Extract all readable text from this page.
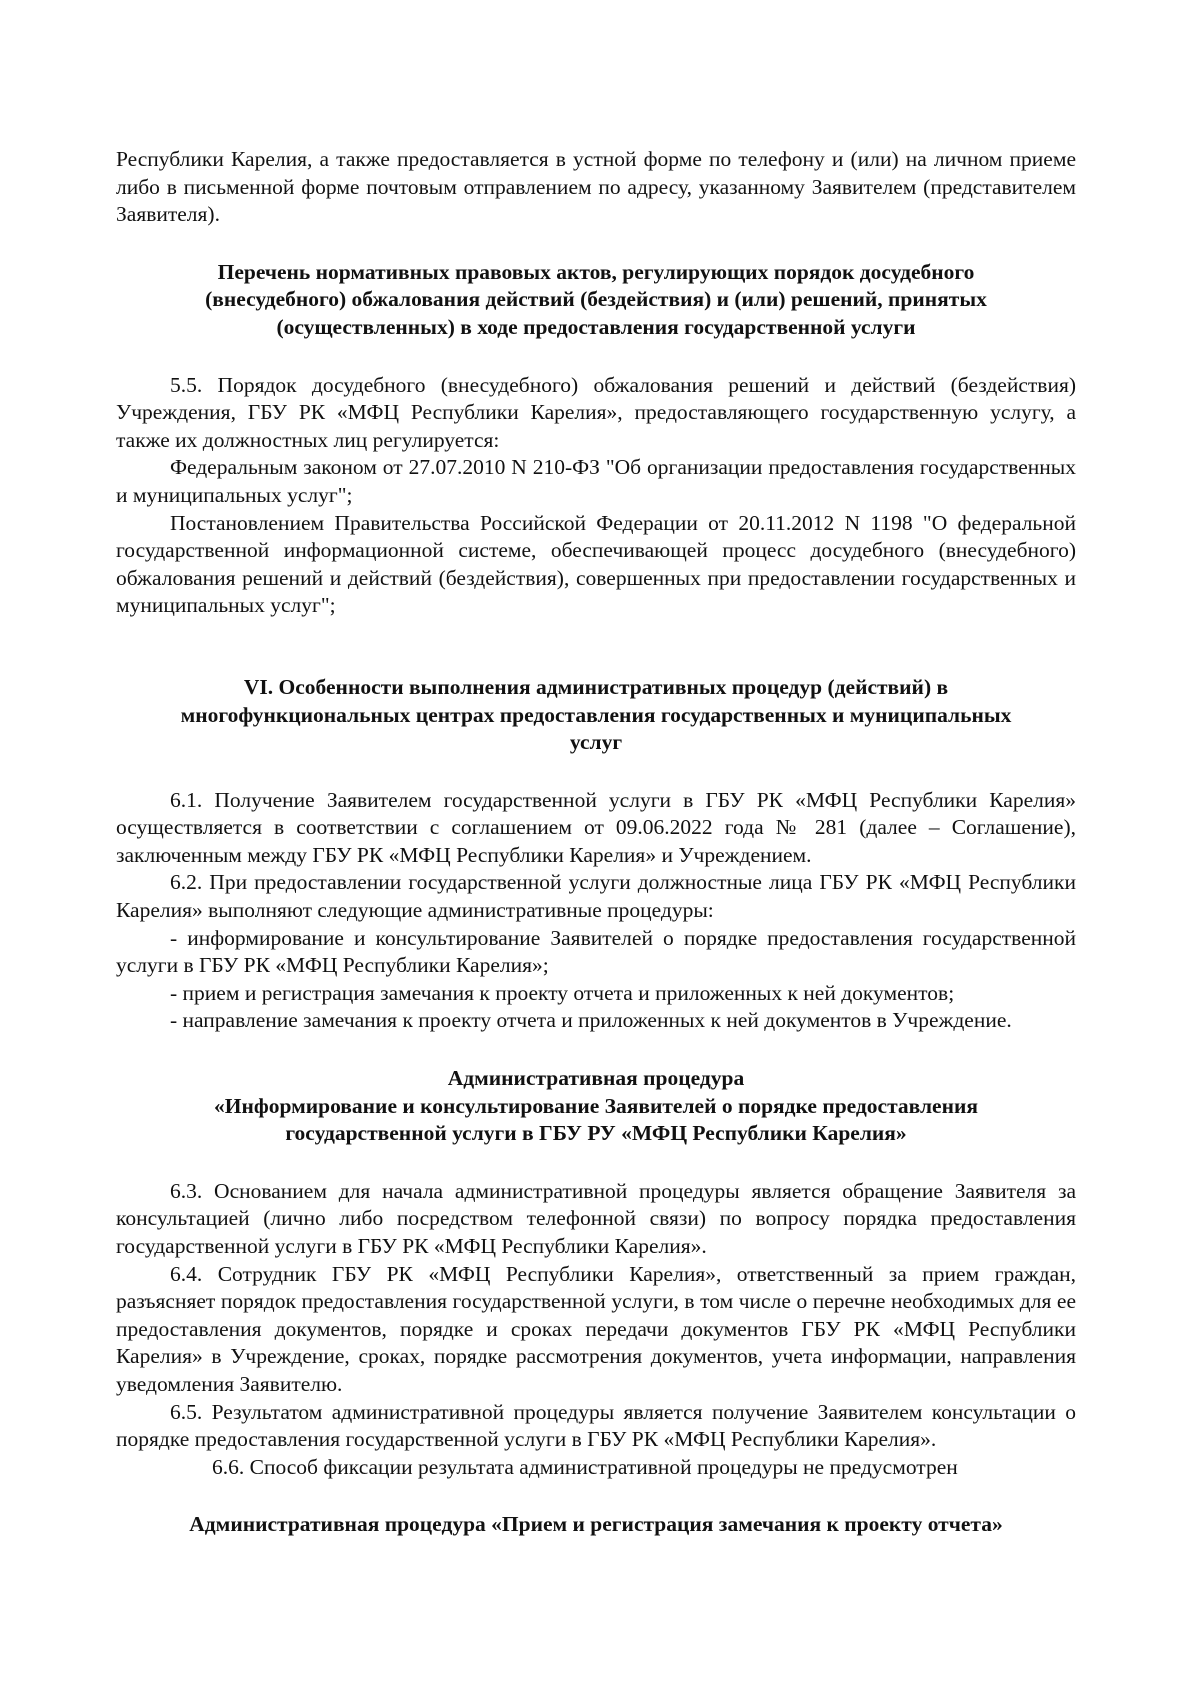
Республики Карелия, а также предоставляется в устной форме по телефону и (или) на личном приеме либо в письменной форме почтовым отправлением по адресу, указанному Заявителем (представителем Заявителя).

Перечень нормативных правовых актов, регулирующих порядок досудебного

(внесудебного) обжалования действий (бездействия) и (или) решений, принятых

(осуществленных) в ходе предоставления государственной услуги

5.5. Порядок досудебного (внесудебного) обжалования решений и действий (бездействия) Учреждения, ГБУ РК «МФЦ Республики Карелия», предоставляющего государственную услугу, а также их должностных лиц регулируется:

Федеральным законом от 27.07.2010 N 210-ФЗ "Об организации предоставления государственных и муниципальных услуг";

Постановлением Правительства Российской Федерации от 20.11.2012 N 1198 "О федеральной государственной информационной системе, обеспечивающей процесс досудебного (внесудебного) обжалования решений и действий (бездействия), совершенных при предоставлении государственных и муниципальных услуг";

VI. Особенности выполнения административных процедур (действий) в

многофункциональных центрах предоставления государственных и муниципальных

услуг

6.1. Получение Заявителем государственной услуги в ГБУ РК «МФЦ Республики Карелия» осуществляется в соответствии с соглашением от 09.06.2022 года № 281 (далее – Соглашение), заключенным между ГБУ РК «МФЦ Республики Карелия» и Учреждением.

6.2. При предоставлении государственной услуги должностные лица ГБУ РК «МФЦ Республики Карелия» выполняют следующие административные процедуры:

- информирование и консультирование Заявителей о порядке предоставления государственной услуги в ГБУ РК «МФЦ Республики Карелия»;

- прием и регистрация замечания к проекту отчета и приложенных к ней документов;

- направление замечания к проекту отчета и приложенных к ней документов в Учреждение.

Административная процедура

«Информирование и консультирование Заявителей о порядке предоставления

государственной услуги в ГБУ РУ «МФЦ Республики Карелия»

6.3. Основанием для начала административной процедуры является обращение Заявителя за консультацией (лично либо посредством телефонной связи) по вопросу порядка предоставления государственной услуги в ГБУ РК «МФЦ Республики Карелия».

6.4. Сотрудник ГБУ РК «МФЦ Республики Карелия», ответственный за прием граждан, разъясняет порядок предоставления государственной услуги, в том числе о перечне необходимых для ее предоставления документов, порядке и сроках передачи документов ГБУ РК «МФЦ Республики Карелия» в Учреждение, сроках, порядке рассмотрения документов, учета информации, направления уведомления Заявителю.

6.5. Результатом административной процедуры является получение Заявителем консультации о порядке предоставления государственной услуги в ГБУ РК «МФЦ Республики Карелия».

6.6. Способ фиксации результата административной процедуры не предусмотрен

Административная процедура «Прием и регистрация замечания к проекту отчета»
